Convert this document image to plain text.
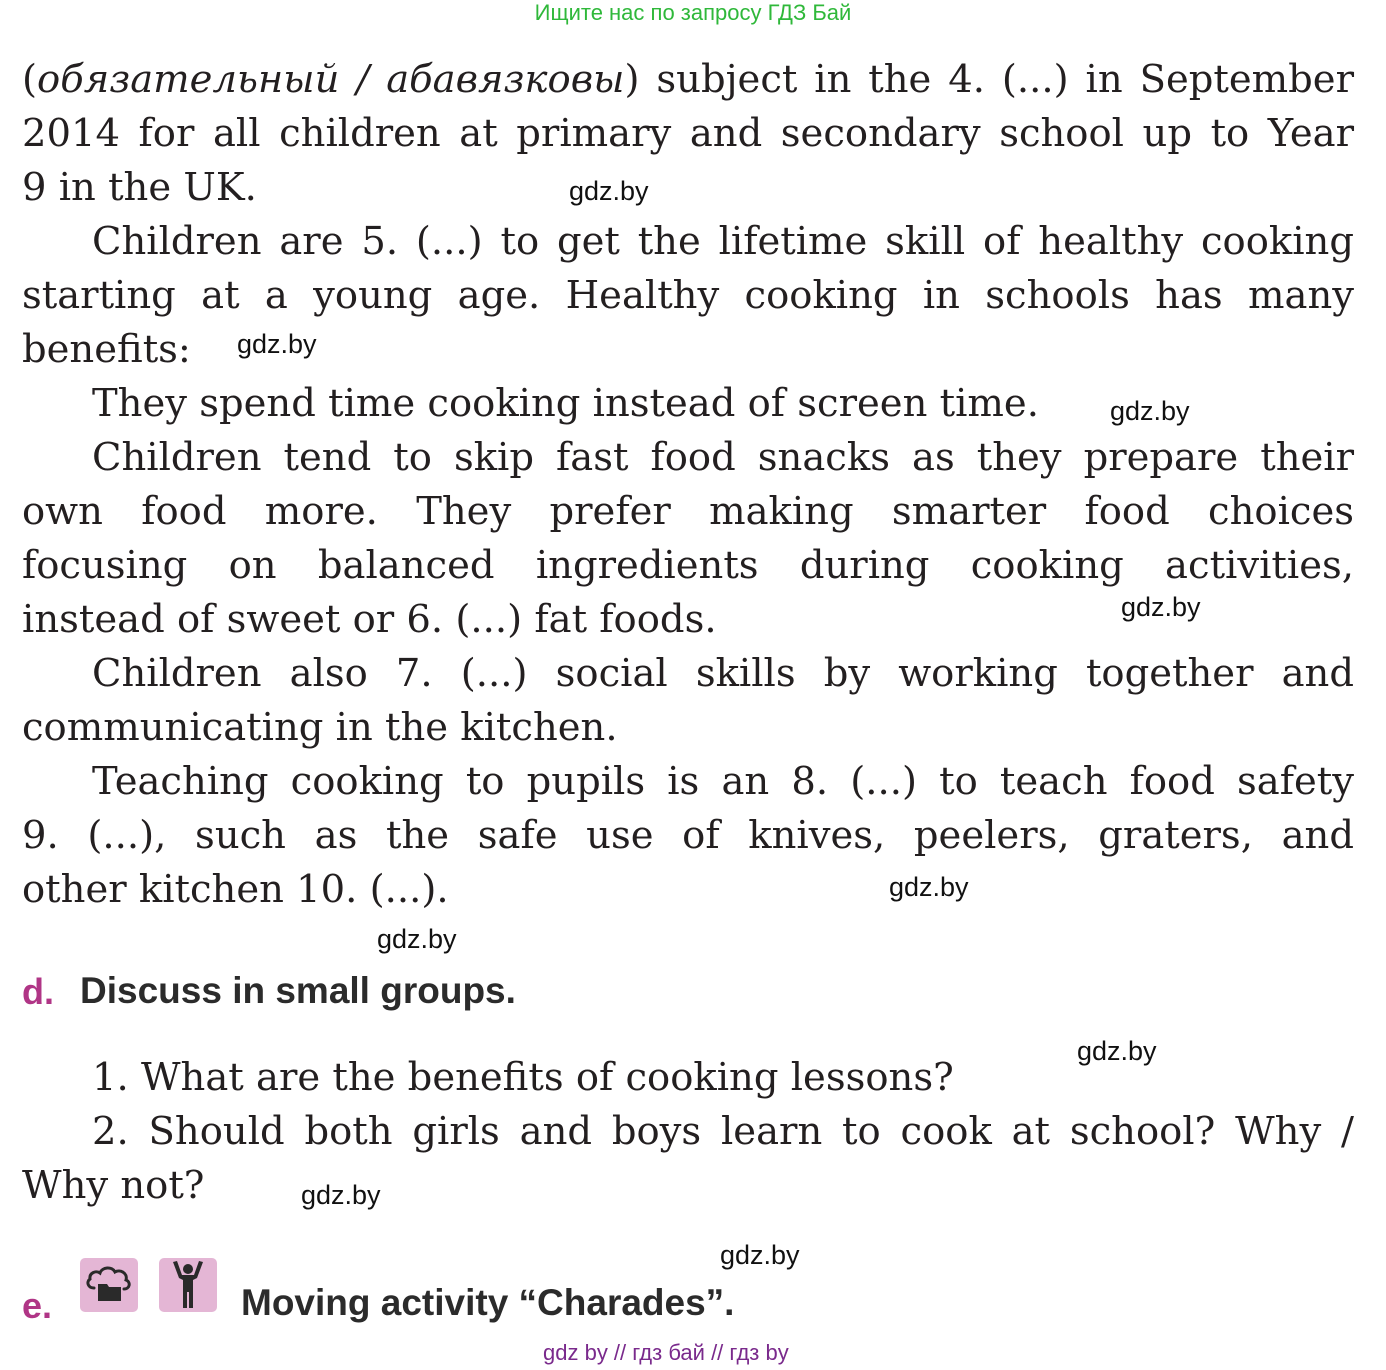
Ищите нас по запросу ГДЗ Бай
(обязательный / абавязковы) subject in the 4. (...) in September
2014 for all children at primary and secondary school up to Year
9 in the UK.
Children are 5. (...) to get the lifetime skill of healthy cooking
starting at a young age. Healthy cooking in schools has many
benefits:
They spend time cooking instead of screen time.
Children tend to skip fast food snacks as they prepare their
own food more. They prefer making smarter food choices
focusing on balanced ingredients during cooking activities,
instead of sweet or 6. (...) fat foods.
Children also 7. (...) social skills by working together and
communicating in the kitchen.
Teaching cooking to pupils is an 8. (...) to teach food safety
9. (...), such as the safe use of knives, peelers, graters, and
other kitchen 10. (...).
d. Discuss in small groups.
1. What are the benefits of cooking lessons?
2. Should both girls and boys learn to cook at school? Why /
Why not?
e.	Moving activity “Charades”.
gdz.by
gdz.by
gdz.by
gdz.by
gdz.by
gdz.by
gdz.by
gdz.by
gdz.by
gdz by // гдз бай // гдз by
